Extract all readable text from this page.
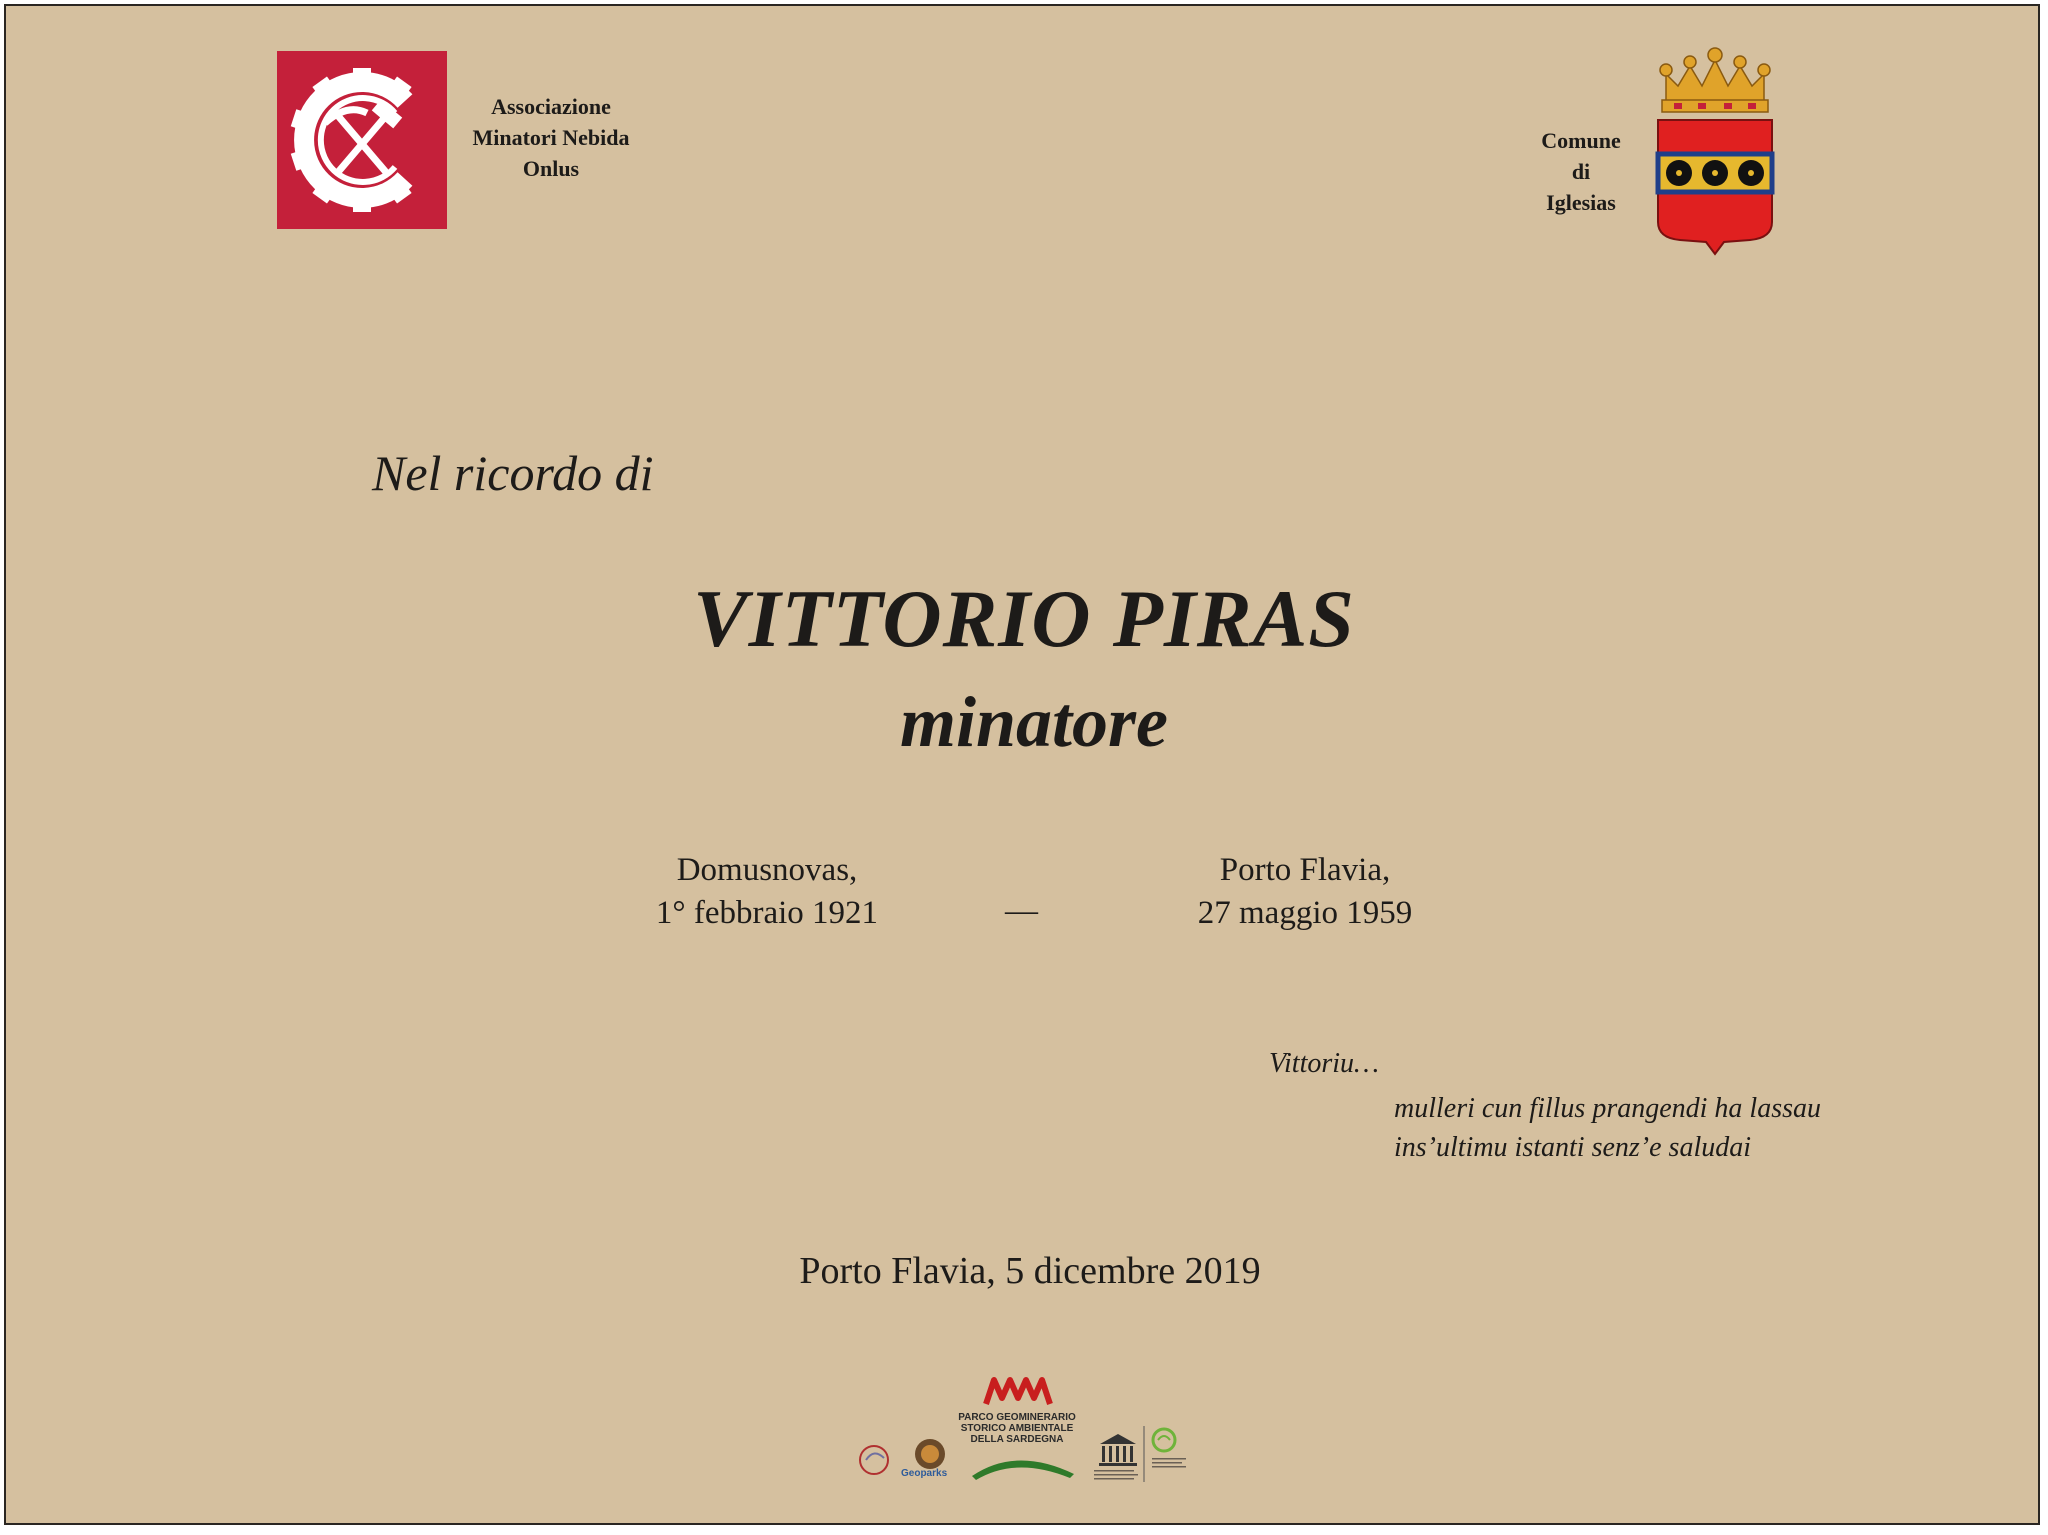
Associazione
Minatori Nebida
Onlus
Comune
di
Iglesias
Nel ricordo di
VITTORIO PIRAS
minatore
Domusnovas,
1° febbraio 1921	—
Porto Flavia,
27 maggio 1959
Vittoriu…
mulleri cun fillus prangendi ha lassau
ins’ultimu istanti senz’e saludai
Porto Flavia, 5 dicembre 2019
PARCO GEOMINERARIO
STORICO AMBIENTALE
DELLA SARDEGNA
Geoparks
